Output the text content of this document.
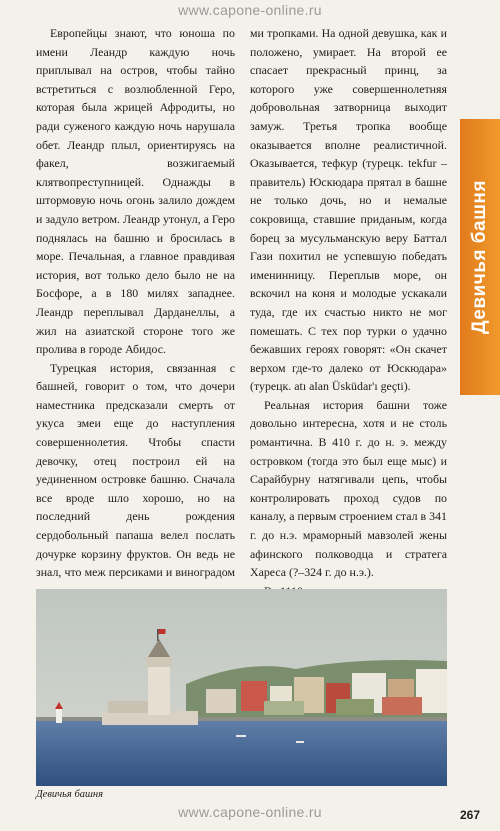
www.capone-online.ru

Европейцы знают, что юноша по имени Леандр каждую ночь приплывал на остров, чтобы тайно встретиться с возлюбленной Геро, которая была жрицей Афродиты, но ради суженого каждую ночь нарушала обет. Леандр плыл, ориентируясь на факел, возжигаемый клятвопреступницей. Однажды в штормовую ночь огонь залило дождем и задуло ветром. Леандр утонул, а Геро поднялась на башню и бросилась в море. Печальная, а главное правдивая история, вот только дело было не на Босфоре, а в 180 милях западнее. Леандр переплывал Дарданеллы, а жил на азиатской стороне того же пролива в городе Абидос.

Турецкая история, связанная с башней, говорит о том, что дочери наместника предсказали смерть от укуса змеи еще до наступления совершеннолетия. Чтобы спасти девочку, отец построил ей на уединенном островке башню. Сначала все вроде шло хорошо, но на последний день рождения сердобольный папаша велел послать дочурке корзину фруктов. Он ведь не знал, что меж персиками и виноградом

ми тропками. На одной девушка, как и положено, умирает. На второй ее спасает прекрасный принц, за которого уже совершеннолетняя добровольная затворница выходит замуж. Третья тропка вообще оказывается вполне реалистичной. Оказывается, тефкур (турецк. tekfur – правитель) Юскюдара прятал в башне не только дочь, но и немалые сокровища, ставшие приданым, когда борец за мусульманскую веру Баттал Гази похитил не успевшую победать именинницу. Переплыв море, он вскочил на коня и молодые ускакали туда, где их счастью никто не мог помешать. С тех пор турки о удачно бежавших героях говорят: «Он скачет верхом где-то далеко от Юскюдара» (турецк. atı alan Üsküdar'ı geçti).

Реальная история башни тоже довольно интересна, хотя и не столь романтична. В 410 г. до н. э. между островком (тогда это был еще мыс) и Сарайбурну натягивали цепь, чтобы контролировать проход судов по каналу, а первым строением стал в 341 г. до н.э. мраморный мавзолей жены афинского полководца и стратега Хареса (?–324 г. до н.э.).

Девичья башня
Девичья башня
www.capone-online.ru	267
